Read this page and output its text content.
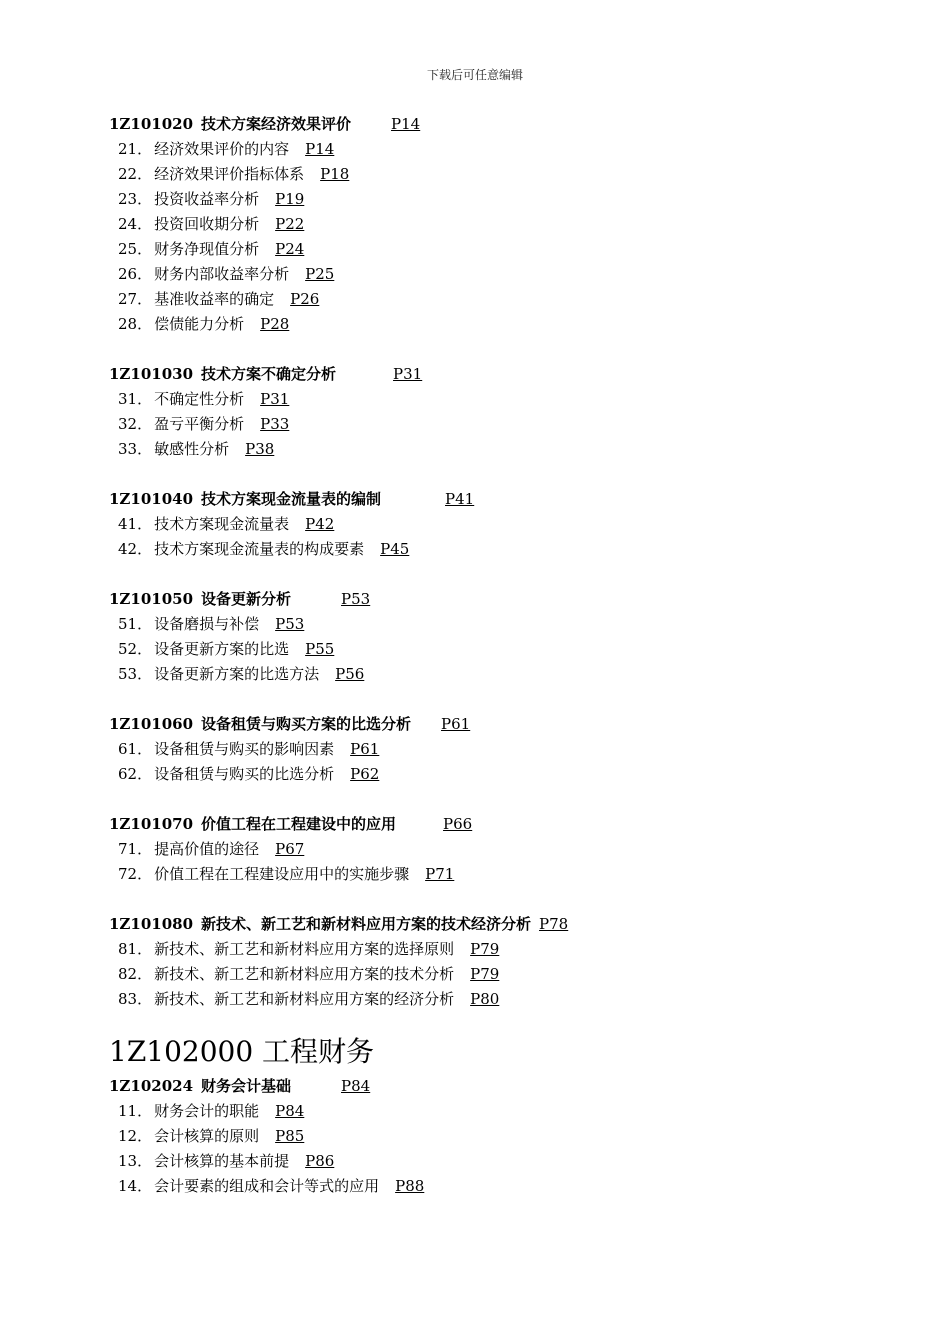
下载后可任意编辑
1Z101020 技术方案经济效果评价	P14
21． 经济效果评价的内容 P14
22． 经济效果评价指标体系 P18
23． 投资收益率分析 P19
24． 投资回收期分析 P22
25． 财务净现值分析 P24
26． 财务内部收益率分析 P25
27． 基准收益率的确定 P26
28． 偿债能力分析 P28
1Z101030 技术方案不确定分析	P31
31． 不确定性分析 P31
32． 盈亏平衡分析 P33
33． 敏感性分析 P38
1Z101040 技术方案现金流量表的编制	P41
41． 技术方案现金流量表 P42
42． 技术方案现金流量表的构成要素 P45
1Z101050 设备更新分析	P53
51． 设备磨损与补偿 P53
52． 设备更新方案的比选 P55
53． 设备更新方案的比选方法 P56
1Z101060 设备租赁与购买方案的比选分析 P61
61． 设备租赁与购买的影响因素 P61
62． 设备租赁与购买的比选分析 P62
1Z101070 价值工程在工程建设中的应用	P66
71． 提高价值的途径 P67
72． 价值工程在工程建设应用中的实施步骤 P71
1Z101080 新技术、新工艺和新材料应用方案的技术经济分析 P78
81． 新技术、新工艺和新材料应用方案的选择原则 P79
82． 新技术、新工艺和新材料应用方案的技术分析 P79
83． 新技术、新工艺和新材料应用方案的经济分析 P80
1Z102000 工程财务
1Z102024 财务会计基础	P84
11． 财务会计的职能 P84
12． 会计核算的原则 P85
13． 会计核算的基本前提 P86
14． 会计要素的组成和会计等式的应用 P88
